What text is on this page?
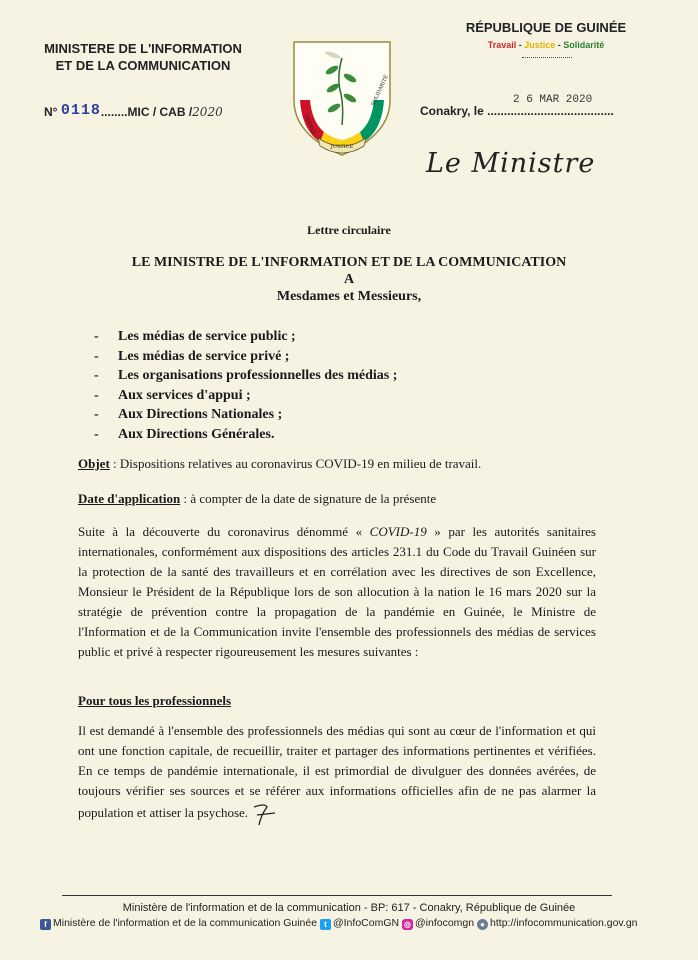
MINISTERE DE L'INFORMATION
ET DE LA COMMUNICATION
RÉPUBLIQUE DE GUINÉE
Travail - Justice - Solidarité
N° 0118........MIC / CAB /2020
JUSTICE
TRAVAIL
SOLIDARITÉ
Conakry, le ......................................
2 6 MAR 2020
Le Ministre
Lettre circulaire
LE MINISTRE DE L'INFORMATION ET DE LA COMMUNICATION
A
Mesdames et Messieurs,
- Les médias de service public ;
- Les médias de service privé ;
- Les organisations professionnelles des médias ;
- Aux services d'appui ;
- Aux Directions Nationales ;
- Aux Directions Générales.
Objet : Dispositions relatives au coronavirus COVID-19 en milieu de travail.
Date d'application : à compter de la date de signature de la présente
Suite à la découverte du coronavirus dénommé « COVID-19 » par les autorités sanitaires internationales, conformément aux dispositions des articles 231.1 du Code du Travail Guinéen sur la protection de la santé des travailleurs et en corrélation avec les directives de son Excellence, Monsieur le Président de la République lors de son allocution à la nation le 16 mars 2020 sur la stratégie de prévention contre la propagation de la pandémie en Guinée, le Ministre de l'Information et de la Communication invite l'ensemble des professionnels des médias de services public et privé à respecter rigoureusement les mesures suivantes :
Pour tous les professionnels
Il est demandé à l'ensemble des professionnels des médias qui sont au cœur de l'information et qui ont une fonction capitale, de recueillir, traiter et partager des informations pertinentes et vérifiées. En ce temps de pandémie internationale, il est primordial de divulguer des données avérées, de toujours vérifier ses sources et se référer aux informations officielles afin de ne pas alarmer la population et attiser la psychose.
Ministère de l'information et de la communication - BP: 617 - Conakry, République de Guinée
f Ministère de l'information et de la communication Guinée t @InfoComGN ◎ @infocomgn ● http://infocommunication.gov.gn
